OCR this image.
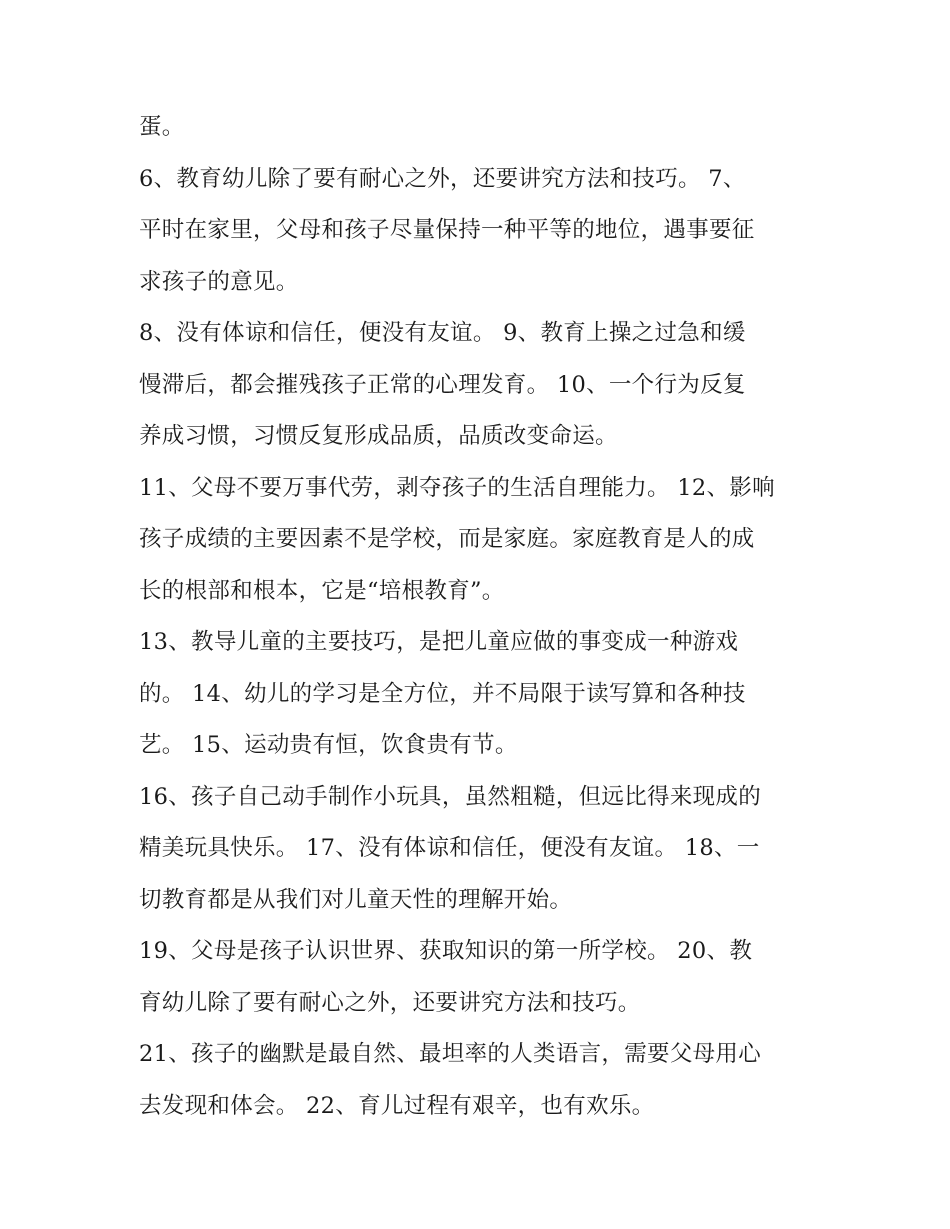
蛋。
6、教育幼儿除了要有耐心之外，还要讲究方法和技巧。 7、
平时在家里，父母和孩子尽量保持一种平等的地位，遇事要征
求孩子的意见。
8、没有体谅和信任，便没有友谊。 9、教育上操之过急和缓
慢滞后，都会摧残孩子正常的心理发育。 10、一个行为反复
养成习惯，习惯反复形成品质，品质改变命运。
11、父母不要万事代劳，剥夺孩子的生活自理能力。 12、影响
孩子成绩的主要因素不是学校，而是家庭。家庭教育是人的成
长的根部和根本，它是“培根教育”。
13、教导儿童的主要技巧，是把儿童应做的事变成一种游戏
的。 14、幼儿的学习是全方位，并不局限于读写算和各种技
艺。 15、运动贵有恒，饮食贵有节。
16、孩子自己动手制作小玩具，虽然粗糙，但远比得来现成的
精美玩具快乐。 17、没有体谅和信任，便没有友谊。 18、一
切教育都是从我们对儿童天性的理解开始。
19、父母是孩子认识世界、获取知识的第一所学校。 20、教
育幼儿除了要有耐心之外，还要讲究方法和技巧。
21、孩子的幽默是最自然、最坦率的人类语言，需要父母用心
去发现和体会。 22、育儿过程有艰辛，也有欢乐。
